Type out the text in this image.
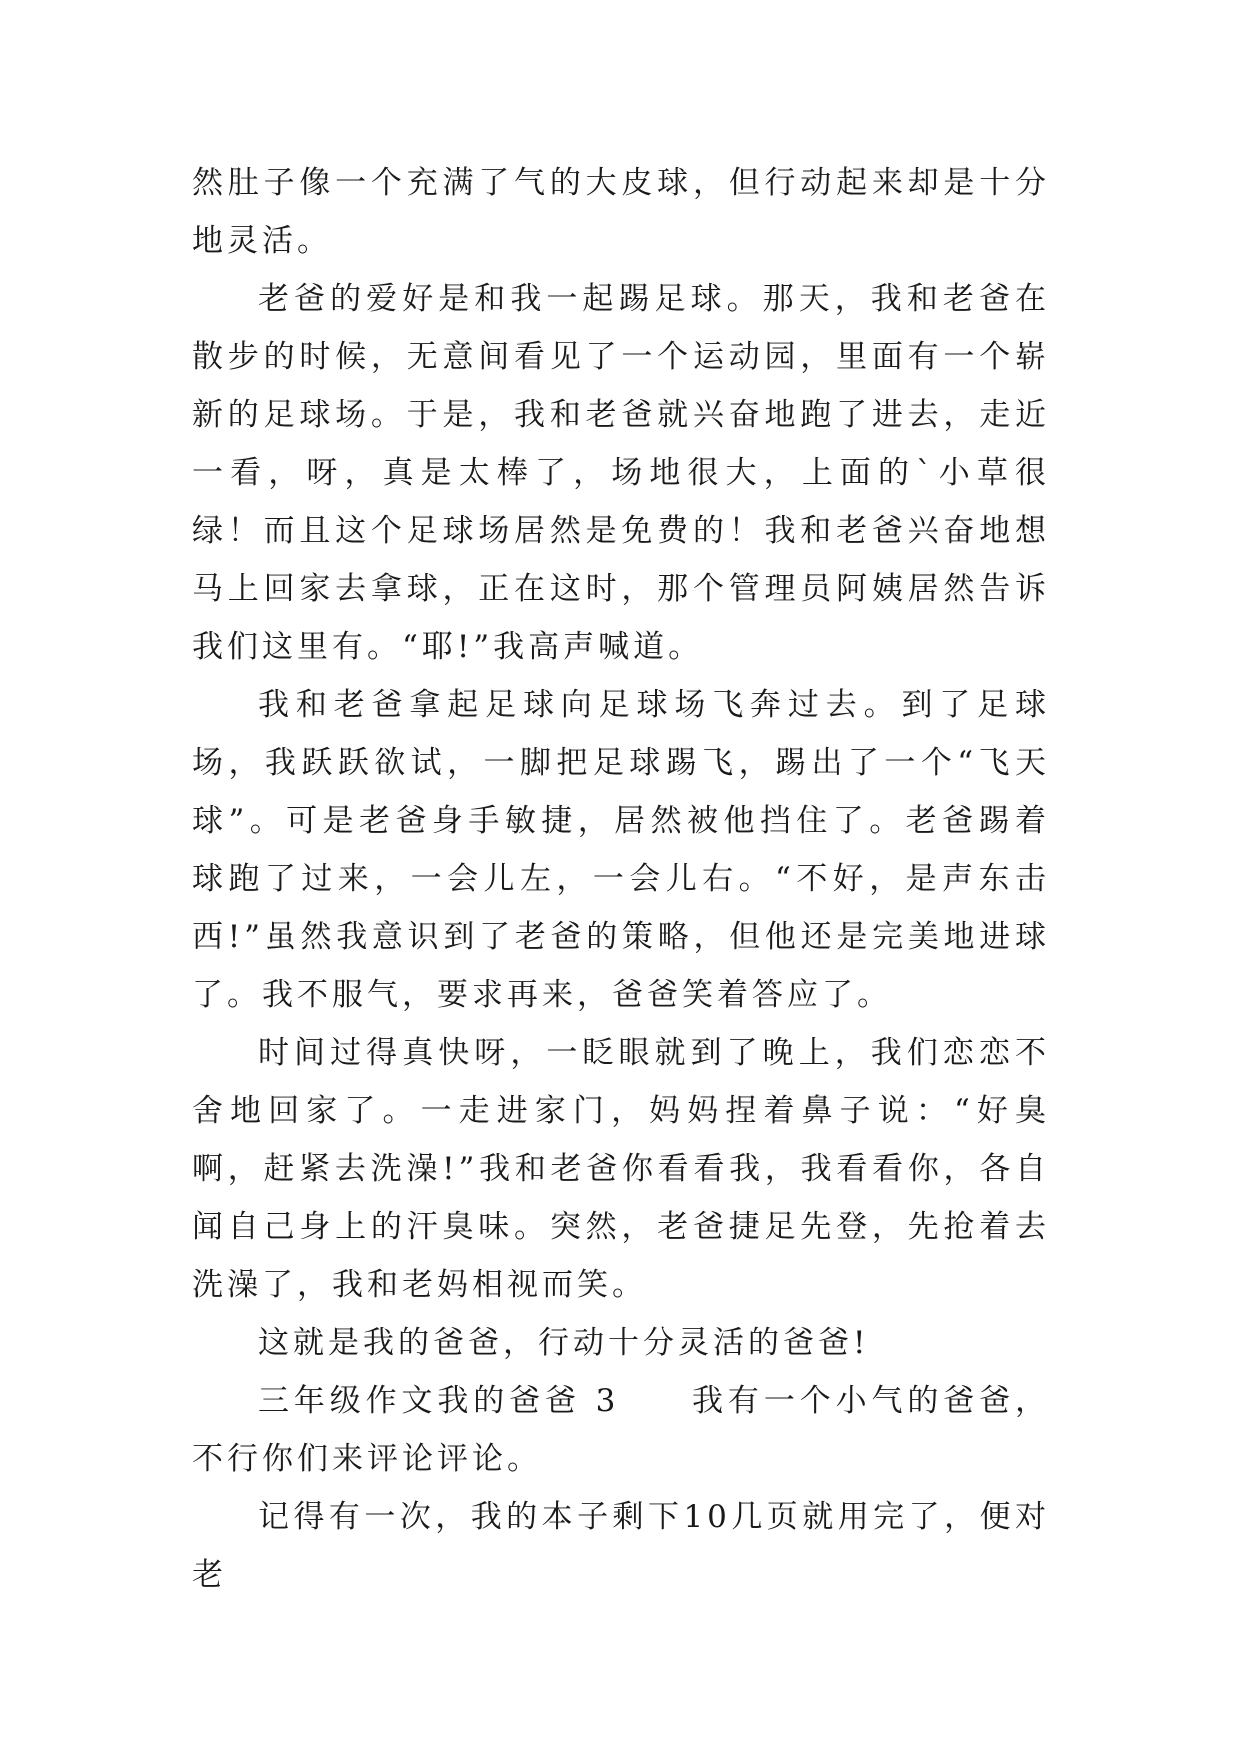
然肚子像一个充满了气的大皮球，但行动起来却是十分地灵活。

老爸的爱好是和我一起踢足球。那天，我和老爸在散步的时候，无意间看见了一个运动园，里面有一个崭新的足球场。于是，我和老爸就兴奋地跑了进去，走近一看，呀，真是太棒了，场地很大，上面的`小草很绿！而且这个足球场居然是免费的！我和老爸兴奋地想马上回家去拿球，正在这时，那个管理员阿姨居然告诉我们这里有。“耶!”我高声喊道。

我和老爸拿起足球向足球场飞奔过去。到了足球场，我跃跃欲试，一脚把足球踢飞，踢出了一个“飞天球”。可是老爸身手敏捷，居然被他挡住了。老爸踢着球跑了过来，一会儿左，一会儿右。“不好，是声东击西!”虽然我意识到了老爸的策略，但他还是完美地进球了。我不服气，要求再来，爸爸笑着答应了。

时间过得真快呀，一眨眼就到了晚上，我们恋恋不舍地回家了。一走进家门，妈妈捏着鼻子说：“好臭啊，赶紧去洗澡!”我和老爸你看看我，我看看你，各自闻自己身上的汗臭味。突然，老爸捷足先登，先抢着去洗澡了，我和老妈相视而笑。

这就是我的爸爸，行动十分灵活的爸爸!

三年级作文我的爸爸 3　　我有一个小气的爸爸，不行你们来评论评论。

记得有一次，我的本子剩下10几页就用完了，便对老
